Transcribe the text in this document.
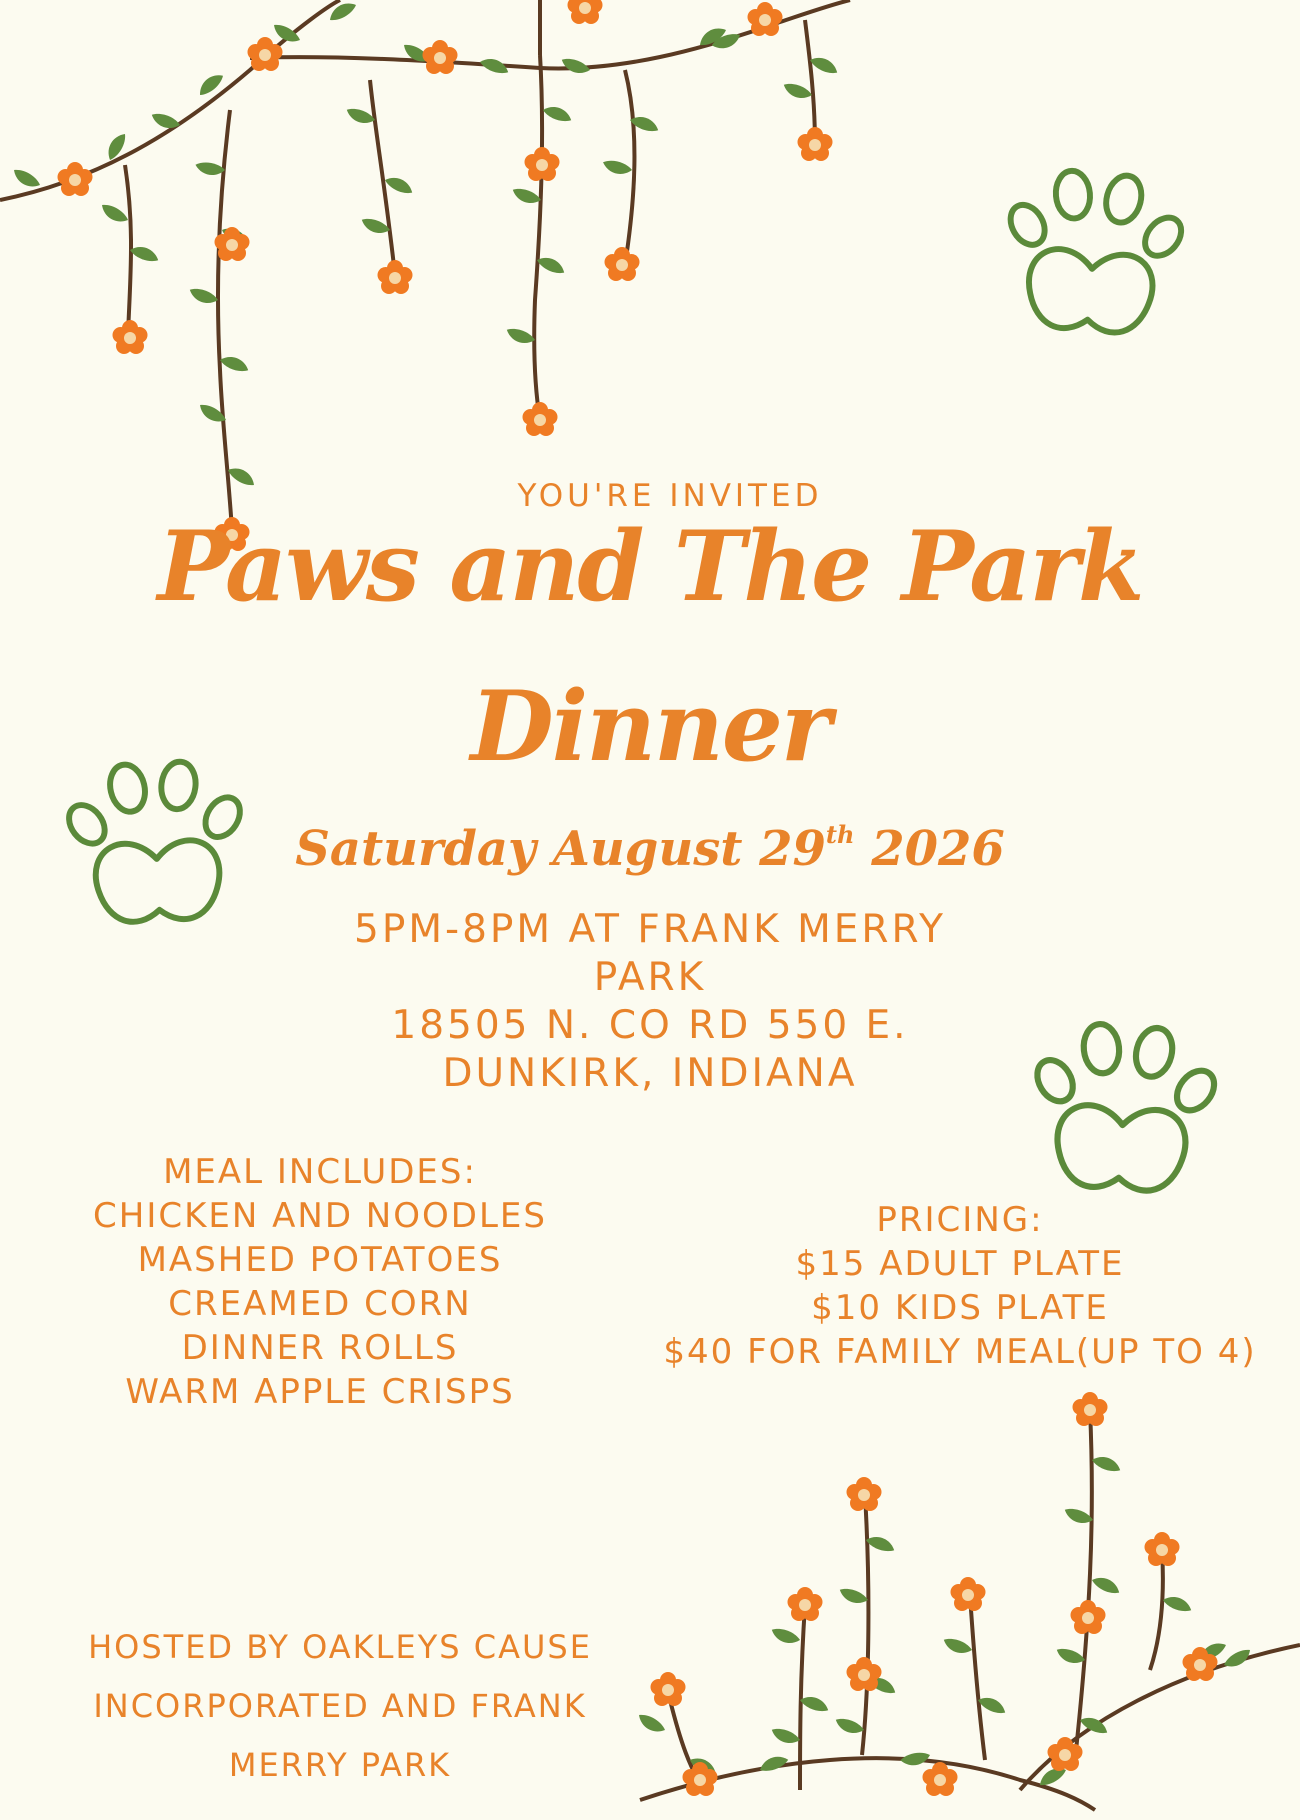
YOU'RE INVITED
Paws and The Park
Dinner
Saturday August 29th 2026
5PM-8PM AT FRANK MERRY
PARK
18505 N. CO RD 550 E.
DUNKIRK, INDIANA
MEAL INCLUDES:
CHICKEN AND NOODLES
MASHED POTATOES
CREAMED CORN
DINNER ROLLS
WARM APPLE CRISPS
PRICING:
$15 ADULT PLATE
$10 KIDS PLATE
$40 FOR FAMILY MEAL(UP TO 4)
HOSTED BY OAKLEYS CAUSE
INCORPORATED AND FRANK
MERRY PARK
